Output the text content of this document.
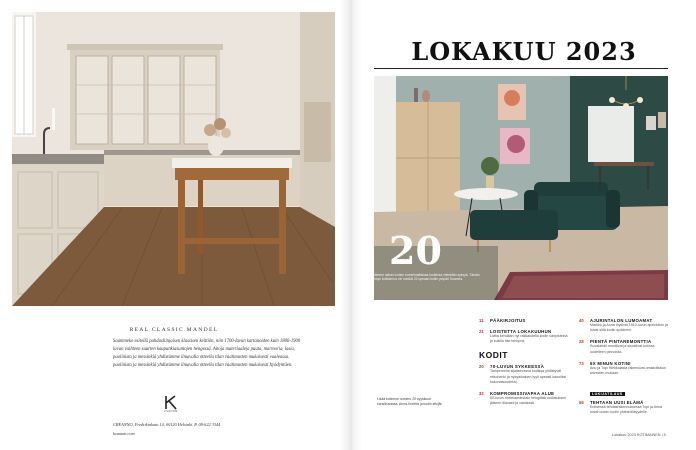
REAL CLASSIC MANDEL

Saammeko esitellä puhdasliinjaisen klassisen keittiön, niin 1700-luvun kartanoiden kuin 1800-1900

lavun vaihteen suurten kaupunkiasuntojen hengessä. Aitoja materiaaleja puuta, marmoria, lasia,

puolinista ja messinkiä yhdistämme ilmavalla otteella tilan vaatimusten mukaisesti vaaleassa.

puolinista ja messinkiä yhdistämme ilmavalla otteella tilan vaatimusten mukaisesti hyödyntäen.

KVANUM
CREANNO, Fredrikinkatu 14, 00120 Helsinki. P. 09-622 3344
kvanum.com
LOKAKUU 2023
20
Kotimme tulisen kotien tunnelmallisissa kodeissa vietetään syksyä. Tämän syksyn kotikierros vie meidät 20 upeaan kotiin ympäri Suomea.
Lisää kotimme numero 20 syyskuun kansikuvassa, Anna-Kreetta ja kodin tekijät.
11 PÄÄKIRJOITUS
21 LOISTETTA LOKAKUUHUN
Lattia kehdään nyt rakkaudella kodin väripisteinä ja kukilla itse tehtyinä.
KODIT
20 70-LUVUN SYKKEESSÄ
Tampereella sijaitsevassa kodissa yhdistyvät retrohenki ja nykyaikainen tyyli upeasti kauniiksi kokonaisuudeksi.
32 KOMPROMISSIVAPAA ALUE
60-luvun rintamamiestalo hengittää uudistuksen jälkeen tilavasti ja valoisasti.
40 AJURINTALON LUMOAMAT
Markku ja Anna löysivät 1910-luvun ajurintalon ja loivat siitä kodin sydämen.
28 PIENTÄ PINTAREMONTTIA
Kuvatahdit muuttivat ja sisustivat kotinsa uudelleen pinnoista.
73 5X MINUN KOTINI
Anu ja Topi Hiekkalasta rakensivat omakotitalon toiveiden mukaan.
LUKIJATILAUS
56 TEHTAAN UUSI ELÄMÄ
Entisessä tehdasrakennuksessa Topi ja Anna loivat uuden kodin yhteisöllisyydelle.
Lokakuu 2023 KOTIMAINEN | 5
